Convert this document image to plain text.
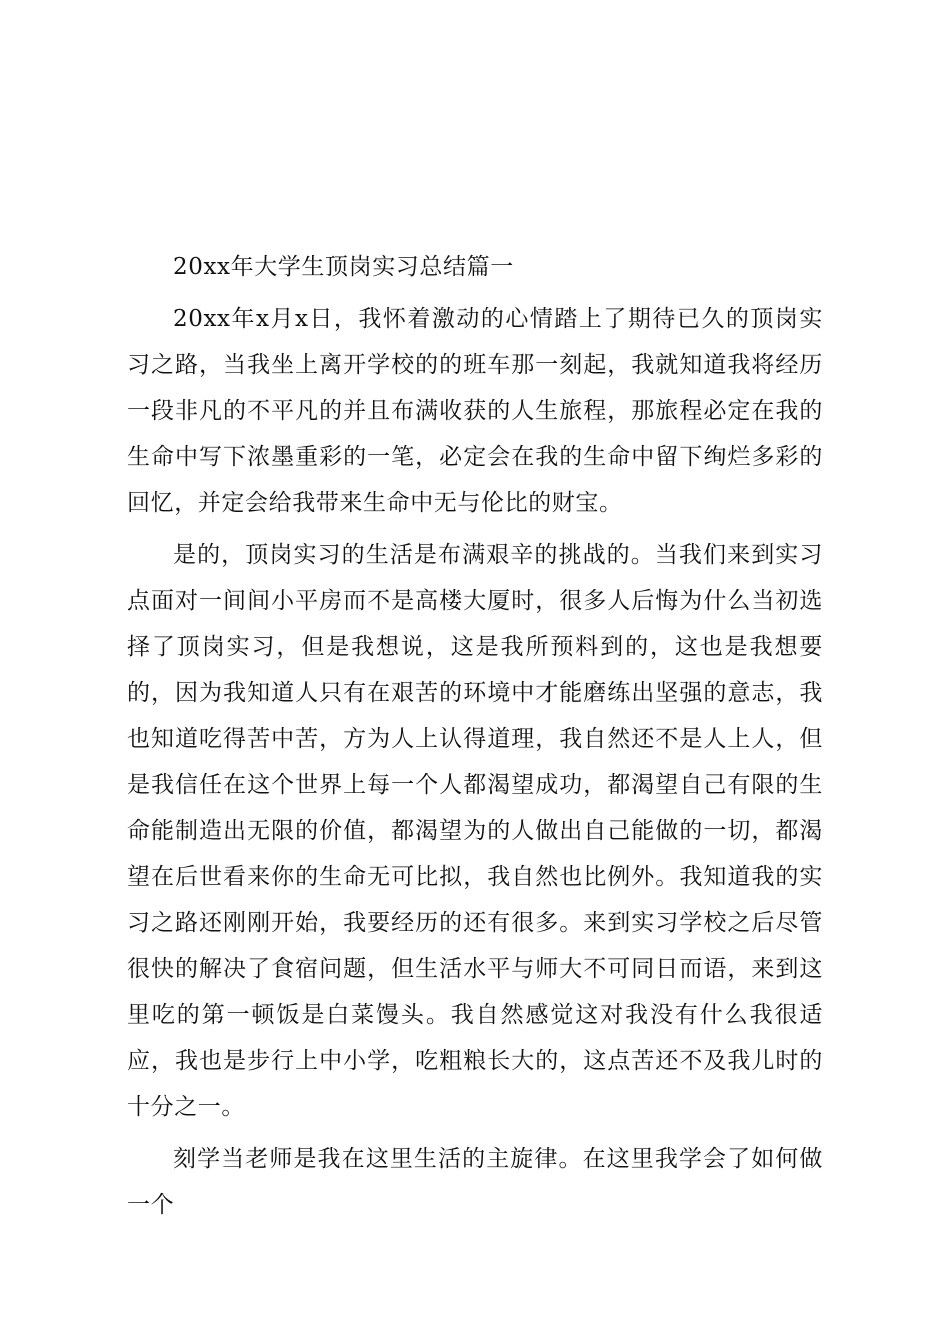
20xx年大学生顶岗实习总结篇一

20xx年x月x日，我怀着激动的心情踏上了期待已久的顶岗实习之路，当我坐上离开学校的的班车那一刻起，我就知道我将经历一段非凡的不平凡的并且布满收获的人生旅程，那旅程必定在我的生命中写下浓墨重彩的一笔，必定会在我的生命中留下绚烂多彩的回忆，并定会给我带来生命中无与伦比的财宝。

是的，顶岗实习的生活是布满艰辛的挑战的。当我们来到实习点面对一间间小平房而不是高楼大厦时，很多人后悔为什么当初选择了顶岗实习，但是我想说，这是我所预料到的，这也是我想要的，因为我知道人只有在艰苦的环境中才能磨练出坚强的意志，我也知道吃得苦中苦，方为人上认得道理，我自然还不是人上人，但是我信任在这个世界上每一个人都渴望成功，都渴望自己有限的生命能制造出无限的价值，都渴望为的人做出自己能做的一切，都渴望在后世看来你的生命无可比拟，我自然也比例外。我知道我的实习之路还刚刚开始，我要经历的还有很多。来到实习学校之后尽管很快的解决了食宿问题，但生活水平与师大不可同日而语，来到这里吃的第一顿饭是白菜馒头。我自然感觉这对我没有什么我很适应，我也是步行上中小学，吃粗粮长大的，这点苦还不及我儿时的十分之一。

刻学当老师是我在这里生活的主旋律。在这里我学会了如何做一个
